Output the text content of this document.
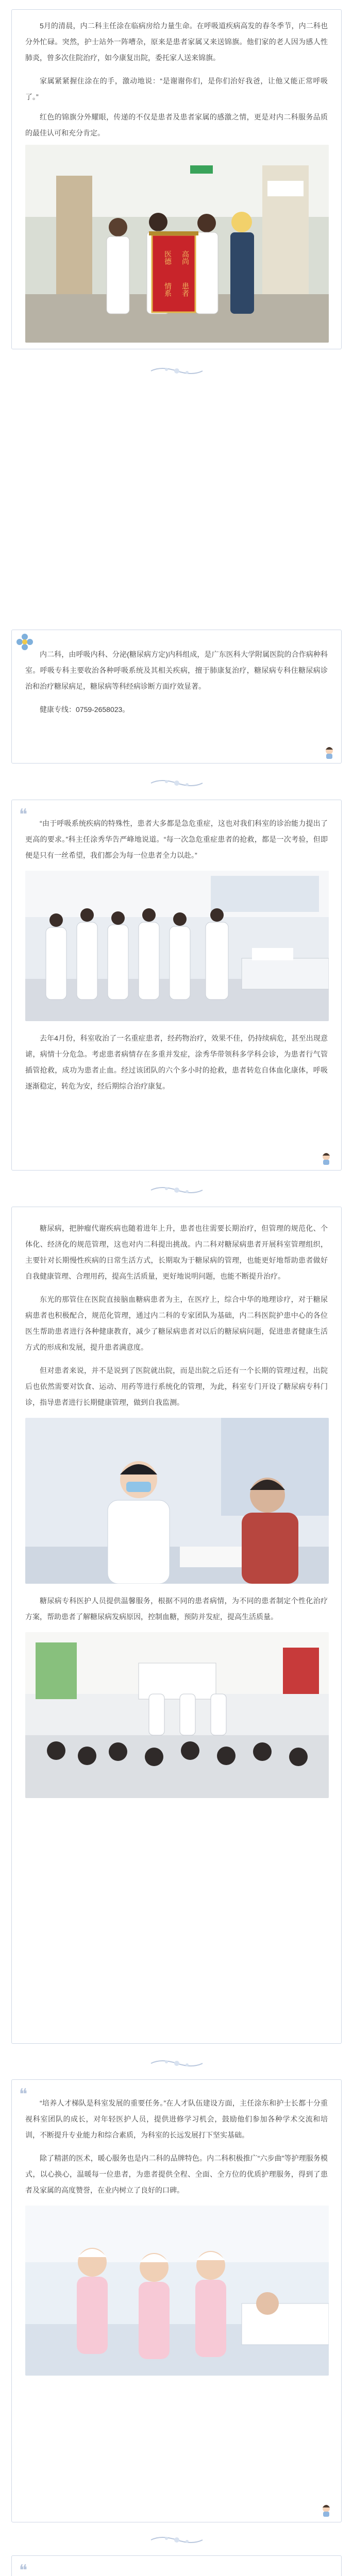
5月的清晨，内二科主任涂在临病房给力量生命。在呼吸道疾病高发的春冬季节，内二科也分外忙碌。突然，护士站外一阵嘈杂，原来是患者家属又来送锦旗。他们家的老人因为感人性肺炎，曾多次住院治疗，如今康复出院，委托家人送来锦旗。

家属紧紧握住涂在的手，激动地说：“是谢谢你们，是你们治好我爸，让他又能正常呼吸了。”

红色的锦旗分外耀眼，传递的不仅是患者及患者家属的感激之情，更是对内二科服务品质的最佳认可和充分肯定。

医德	高尚
情系	患者

内二科，由呼吸内科、分泌(糖尿病方定)内科组成，是广东医科大学附属医院的合作病种科室。呼吸专科主要收治各种呼吸系统及其相关疾病，擅于肺康复治疗，糖尿病专科住糖尿病诊治和治疗糖尿病足，糖尿病等科经病诊断方面疗效显著。

健康专线：0759-2658023。

❝	“由于呼吸系统疾病的特殊性，患者大多都是急危重症，这也对我们科室的诊治能力提出了更高的要求。”科主任涂秀华告严峰地说道。“每一次急危重症患者的抢救，都是一次考验，但即便是只有一丝希望，我们都会为每一位患者全力以赴。”

去年4月份，科室收治了一名重症患者，经药物治疗，效果不佳，仍持续病危，甚至出现意谑，病情十分危急。考虑患者病情存在多重并发症，涂秀华带领科多学科会诊，为患者行气管插管抢救，成功为患者止血。经过该团队的六个多小时的抢救，患者转危自体血化康体，呼吸逐渐稳定，转危为安，经后期综合治疗康复。

糖尿病，把肿瘤代谢疾病也随着进年上升，患者也往需要长期治疗，但管理的规范化、个体化、经济化的规范管理，这也对内二科提出挑战。内二科对糖尿病患者开展科室管理组织，主要针对长期慢性疾病的日常生活方式，长期取为于糖尿病的管理，也能更好地帮助患者做好自我健康管理、合理用药，提高生活质量，更好地说明问题，也能不断提升治疗。

东光的那管住在医院直接脑血糖病患者为主，在医疗上，综合中华的地理诊疗，对于糖尿病患者也积极配合，规范化管理，通过内二科的专家团队为基础，内二科医院护患中心的各位医生帮助患者进行各种健康教育，减少了糖尿病患者对以后的糖尿病问题，促进患者健康生活方式的形成和发展，提升患者满意度。

但对患者来说，并不是说到了医院就出院，而是出院之后还有一个长期的管理过程，出院后也依然需要对饮食、运动、用药等进行系统化的管理，为此，科室专门开设了糖尿病专科门诊，指导患者进行长期健康管理，做到自我监测。

糖尿病专科医护人员提供温馨服务，根据不同的患者病情，为不同的患者制定个性化治疗方案，帮助患者了解糖尿病发病原因，控制血糖，预防并发症，提高生活质量。

❝	“培养人才梯队是科室发展的重要任务。”在人才队伍建设方面，主任涂东和护士长都十分重视科室团队的成长，对年轻医护人员，提供进修学习机会，鼓励他们参加各种学术交流和培训，不断提升专业能力和综合素质，为科室的长远发展打下坚实基础。

除了精湛的医术，暖心服务也是内二科的品牌特色。内二科积极推广“六步曲”等护理服务模式，以心换心，温暖每一位患者，为患者提供全程、全面、全方位的优质护理服务，得到了患者及家属的高度赞誉，在业内树立了良好的口碑。

❝
